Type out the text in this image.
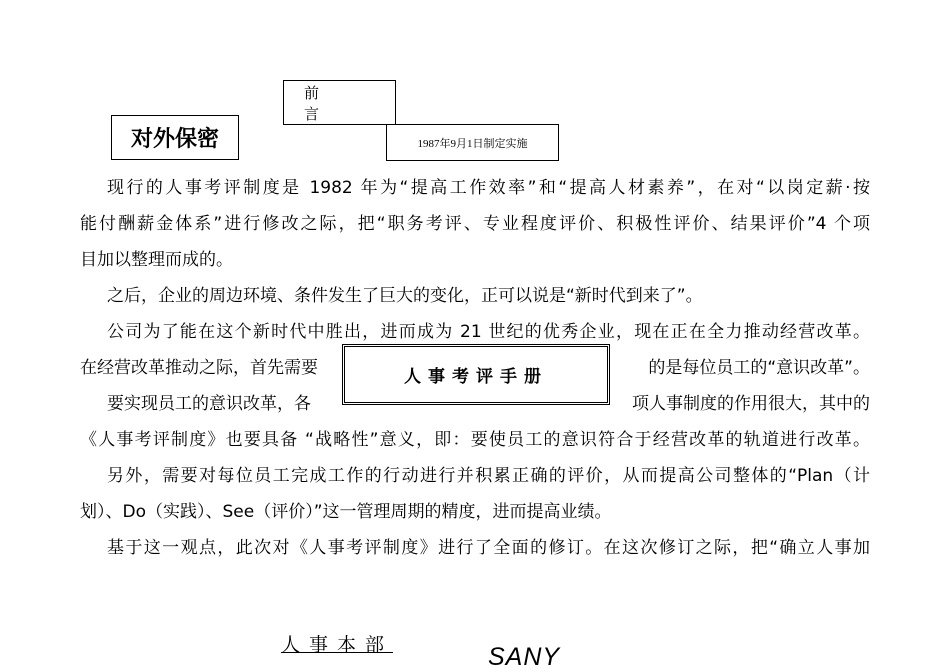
前 言
1987年9月1日制定实施
对外保密
现行的人事考评制度是 1982 年为“提高工作效率”和“提高人材素养”，在对“以岗定薪·按
能付酬薪金体系”进行修改之际，把“职务考评、专业程度评价、积极性评价、结果评价”4 个项
目加以整理而成的。
之后，企业的周边环境、条件发生了巨大的变化，正可以说是“新时代到来了”。
公司为了能在这个新时代中胜出，进而成为 21 世纪的优秀企业，现在正在全力推动经营改革。
在经营改革推动之际，首先需要	的是每位员工的“意识改革”。
要实现员工的意识改革，各	项人事制度的作用很大，其中的
《人事考评制度》也要具备 “战略性”意义，即：要使员工的意识符合于经营改革的轨道进行改革。
另外，需要对每位员工完成工作的行动进行并积累正确的评价，从而提高公司整体的“Plan（计
划）、Do（实践）、See（评价）”这一管理周期的精度，进而提高业绩。
基于这一观点，此次对《人事考评制度》进行了全面的修订。在这次修订之际，把“确立人事加
人事考评手册
人事本部	SANY
